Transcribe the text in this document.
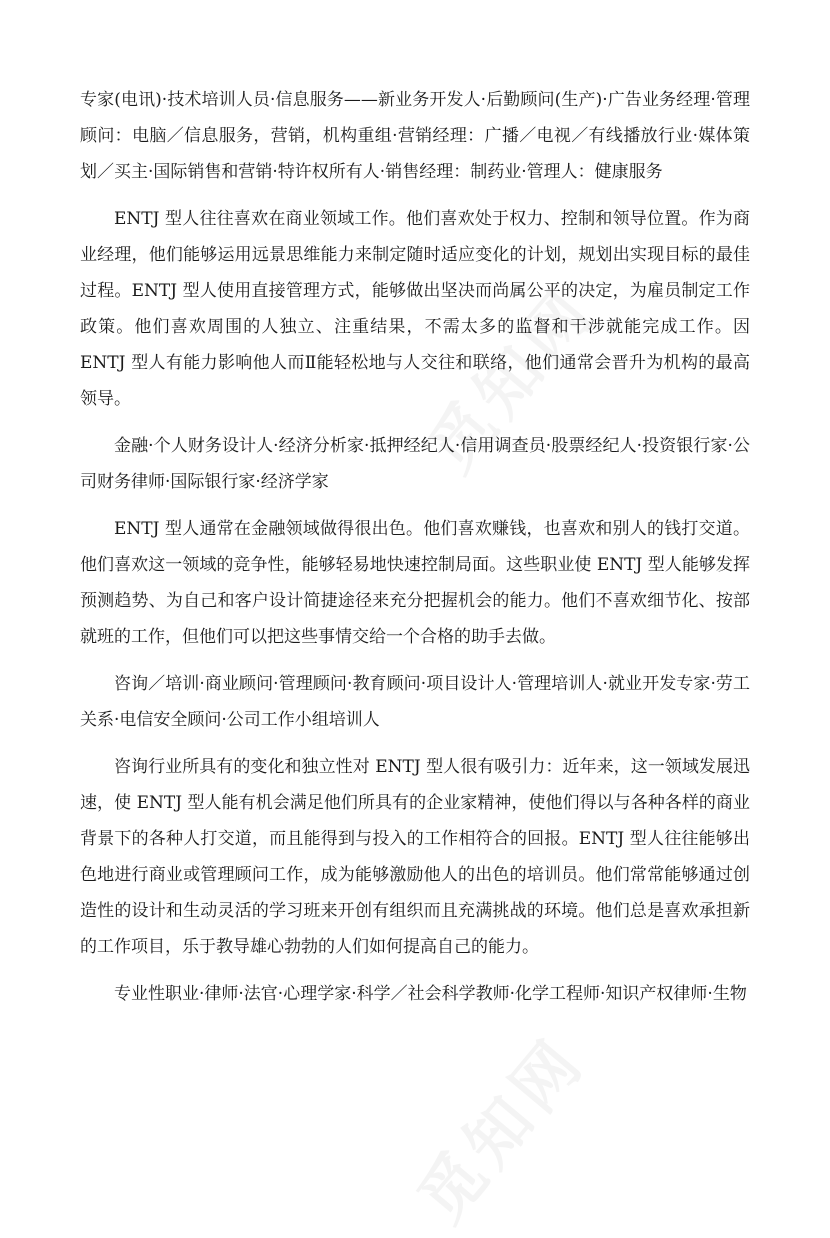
专家(电讯)·技术培训人员·信息服务——新业务开发人·后勤顾问(生产)·广告业务经理·管理顾问：电脑／信息服务，营销，机构重组·营销经理：广播／电视／有线播放行业·媒体策划／买主·国际销售和营销·特许权所有人·销售经理：制药业·管理人：健康服务

ENTJ 型人往往喜欢在商业领域工作。他们喜欢处于权力、控制和领导位置。作为商业经理，他们能够运用远景思维能力来制定随时适应变化的计划，规划出实现目标的最佳过程。ENTJ 型人使用直接管理方式，能够做出坚决而尚属公平的决定，为雇员制定工作政策。他们喜欢周围的人独立、注重结果，不需太多的监督和干涉就能完成工作。因 ENTJ 型人有能力影响他人而Ⅱ能轻松地与人交往和联络，他们通常会晋升为机构的最高领导。

金融·个人财务设计人·经济分析家·抵押经纪人·信用调查员·股票经纪人·投资银行家·公司财务律师·国际银行家·经济学家

ENTJ 型人通常在金融领域做得很出色。他们喜欢赚钱，也喜欢和别人的钱打交道。他们喜欢这一领域的竞争性，能够轻易地快速控制局面。这些职业使 ENTJ 型人能够发挥预测趋势、为自己和客户设计简捷途径来充分把握机会的能力。他们不喜欢细节化、按部就班的工作，但他们可以把这些事情交给一个合格的助手去做。

咨询／培训·商业顾问·管理顾问·教育顾问·项目设计人·管理培训人·就业开发专家·劳工关系·电信安全顾问·公司工作小组培训人

咨询行业所具有的变化和独立性对 ENTJ 型人很有吸引力：近年来，这一领域发展迅速，使 ENTJ 型人能有机会满足他们所具有的企业家精神，使他们得以与各种各样的商业背景下的各种人打交道，而且能得到与投入的工作相符合的回报。ENTJ 型人往往能够出色地进行商业或管理顾问工作，成为能够激励他人的出色的培训员。他们常常能够通过创造性的设计和生动灵活的学习班来开创有组织而且充满挑战的环境。他们总是喜欢承担新的工作项目，乐于教导雄心勃勃的人们如何提高自己的能力。

专业性职业·律师·法官·心理学家·科学／社会科学教师·化学工程师·知识产权律师·生物
